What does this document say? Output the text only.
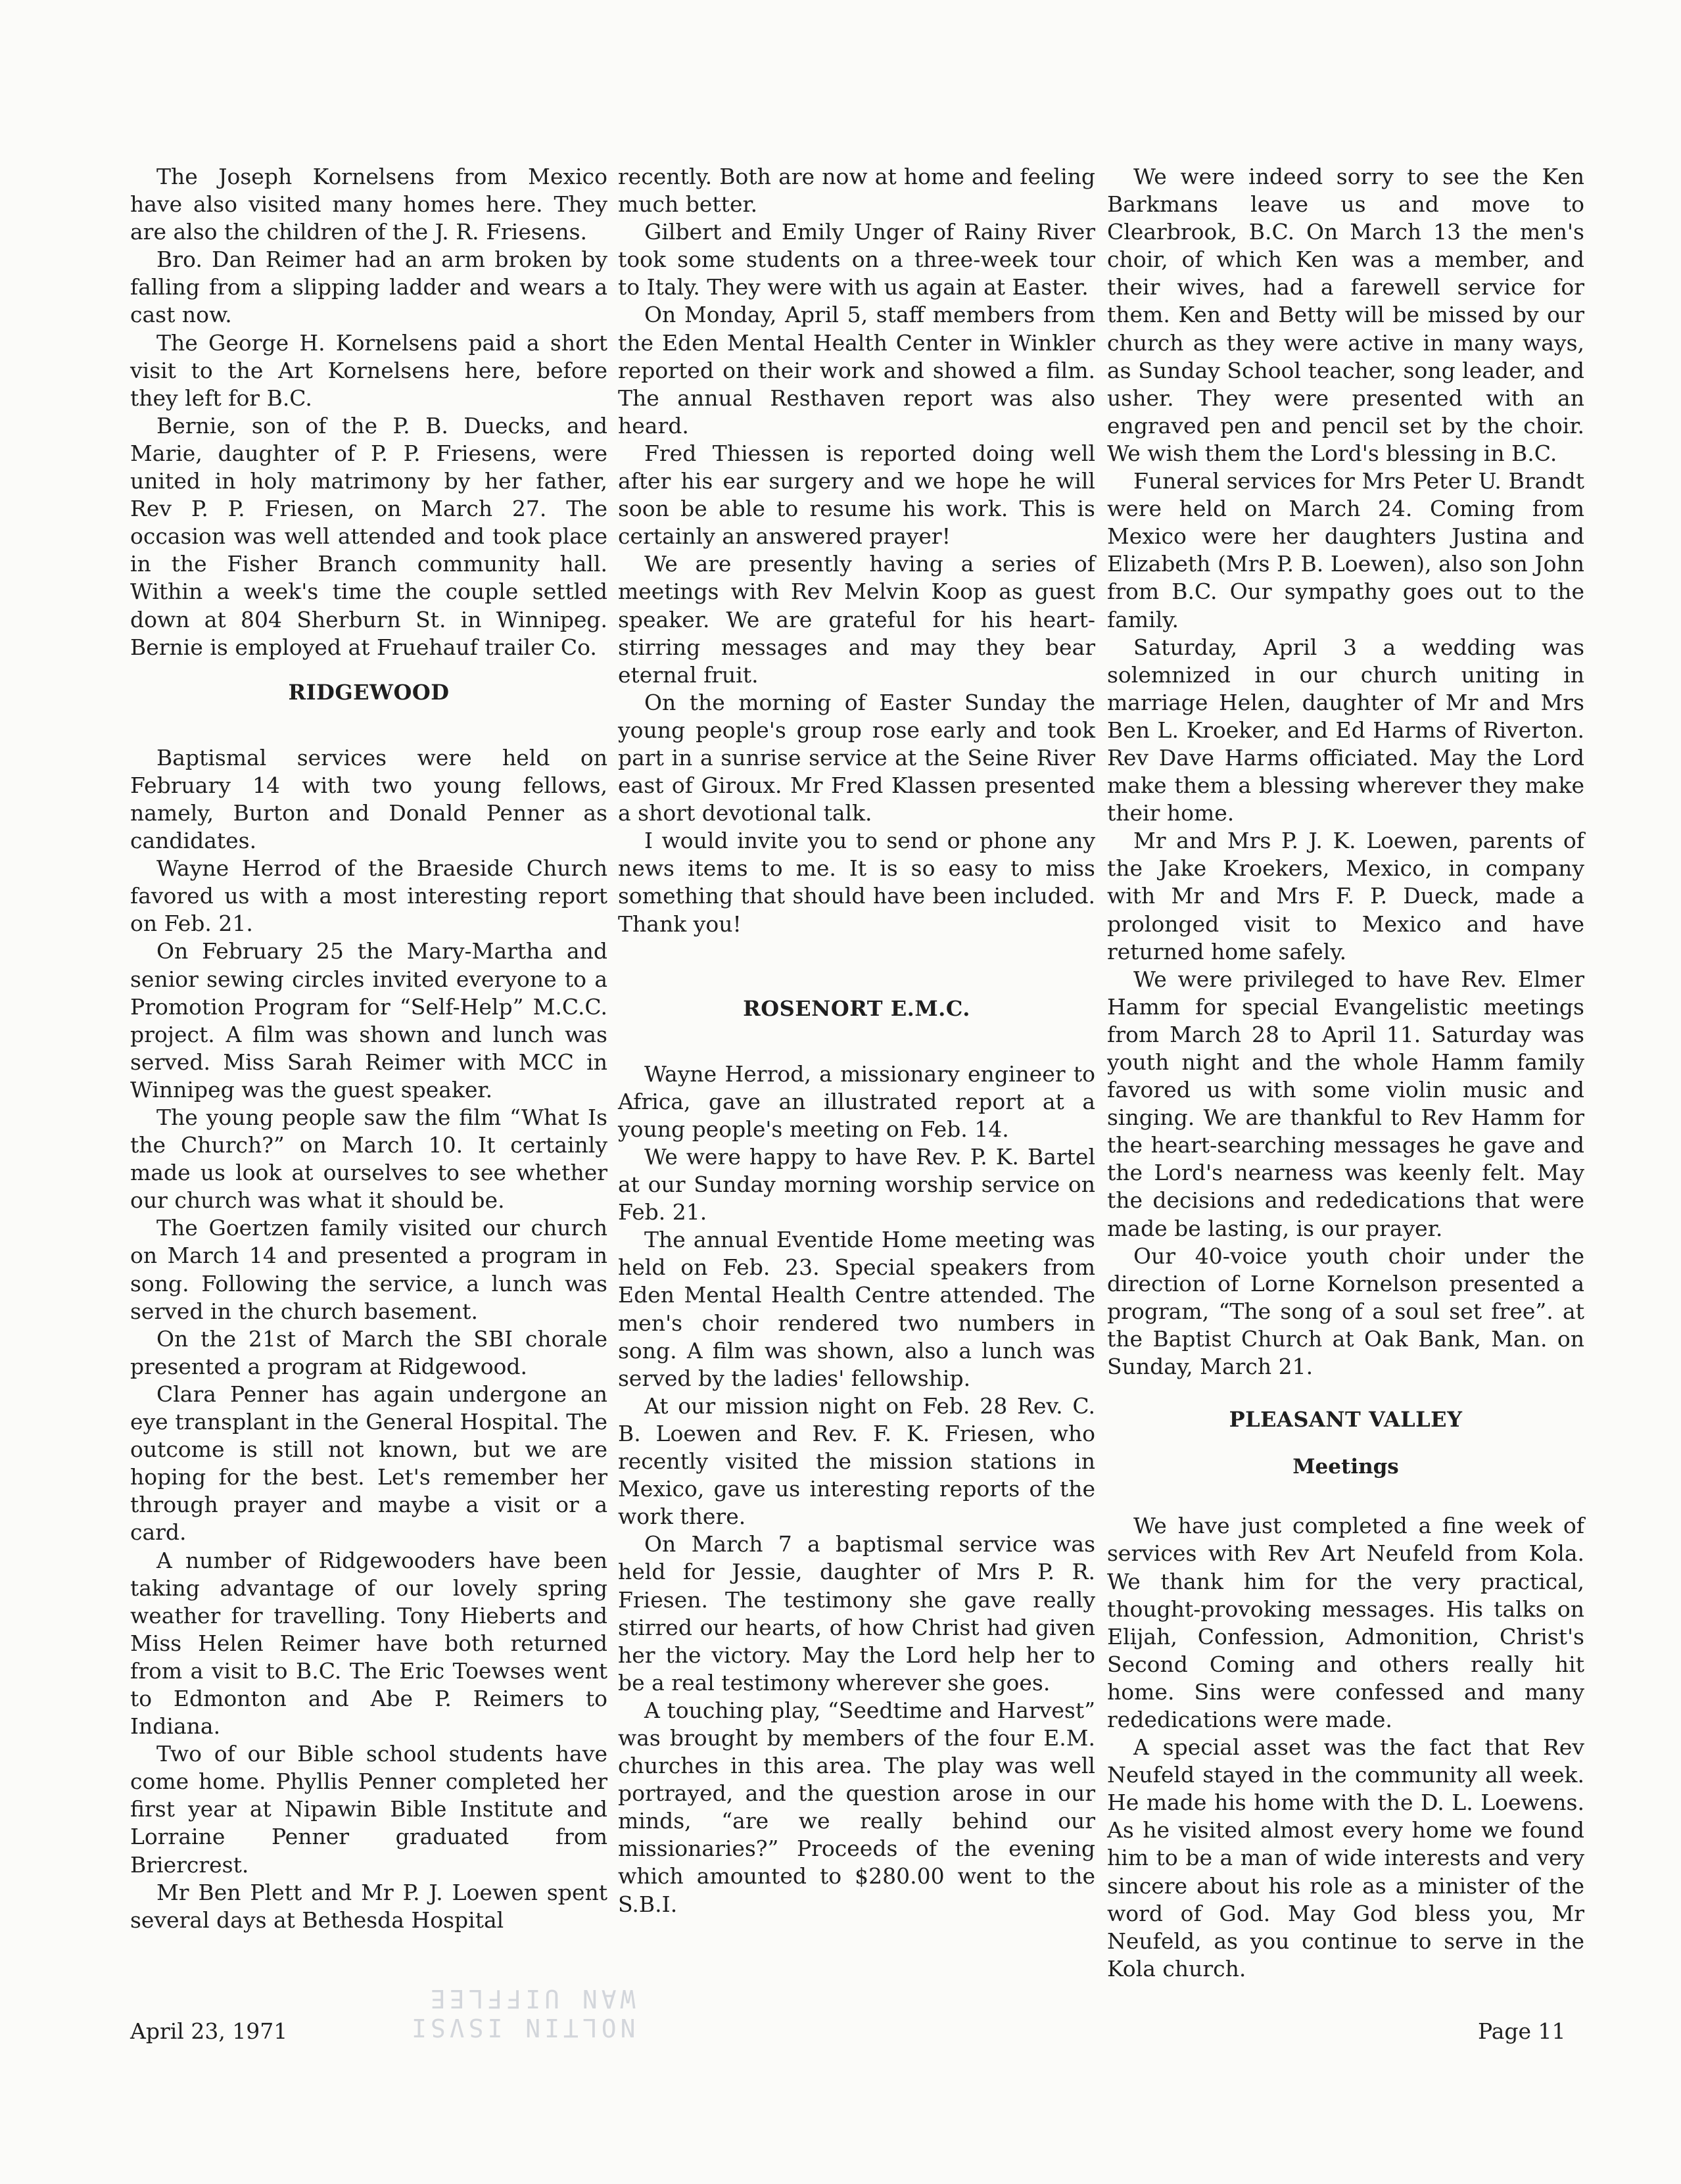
The Joseph Kornelsens from Mexico have also visited many homes here. They are also the children of the J. R. Friesens.

Bro. Dan Reimer had an arm broken by falling from a slipping ladder and wears a cast now.

The George H. Kornelsens paid a short visit to the Art Kornelsens here, before they left for B.C.

Bernie, son of the P. B. Duecks, and Marie, daughter of P. P. Friesens, were united in holy matrimony by her father, Rev P. P. Friesen, on March 27. The occasion was well attended and took place in the Fisher Branch community hall. Within a week's time the couple settled down at 804 Sherburn St. in Winnipeg. Bernie is employed at Fruehauf trailer Co.

RIDGEWOOD

Baptismal services were held on February 14 with two young fellows, namely, Burton and Donald Penner as candidates.

Wayne Herrod of the Braeside Church favored us with a most interesting report on Feb. 21.

On February 25 the Mary-Martha and senior sewing circles invited everyone to a Promotion Program for “Self-Help” M.C.C. project. A film was shown and lunch was served. Miss Sarah Reimer with MCC in Winnipeg was the guest speaker.

The young people saw the film “What Is the Church?” on March 10. It certainly made us look at ourselves to see whether our church was what it should be.

The Goertzen family visited our church on March 14 and presented a program in song. Following the service, a lunch was served in the church basement.

On the 21st of March the SBI chorale presented a program at Ridgewood.

Clara Penner has again undergone an eye transplant in the General Hospital. The outcome is still not known, but we are hoping for the best. Let's remember her through prayer and maybe a visit or a card.

A number of Ridgewooders have been taking advantage of our lovely spring weather for travelling. Tony Hieberts and Miss Helen Reimer have both returned from a visit to B.C. The Eric Toewses went to Edmonton and Abe P. Reimers to Indiana.

Two of our Bible school students have come home. Phyllis Penner completed her first year at Nipawin Bible Institute and Lorraine Penner graduated from Briercrest.

Mr Ben Plett and Mr P. J. Loewen spent several days at Bethesda Hospital

recently. Both are now at home and feeling much better.

Gilbert and Emily Unger of Rainy River took some students on a three-week tour to Italy. They were with us again at Easter.

On Monday, April 5, staff members from the Eden Mental Health Center in Winkler reported on their work and showed a film. The annual Resthaven report was also heard.

Fred Thiessen is reported doing well after his ear surgery and we hope he will soon be able to resume his work. This is certainly an answered prayer!

We are presently having a series of meetings with Rev Melvin Koop as guest speaker. We are grateful for his heart-stirring messages and may they bear eternal fruit.

On the morning of Easter Sunday the young people's group rose early and took part in a sunrise service at the Seine River east of Giroux. Mr Fred Klassen presented a short devotional talk.

I would invite you to send or phone any news items to me. It is so easy to miss something that should have been included. Thank you!

ROSENORT E.M.C.

Wayne Herrod, a missionary engineer to Africa, gave an illustrated report at a young people's meeting on Feb. 14.

We were happy to have Rev. P. K. Bartel at our Sunday morning worship service on Feb. 21.

The annual Eventide Home meeting was held on Feb. 23. Special speakers from Eden Mental Health Centre attended. The men's choir rendered two numbers in song. A film was shown, also a lunch was served by the ladies' fellowship.

At our mission night on Feb. 28 Rev. C. B. Loewen and Rev. F. K. Friesen, who recently visited the mission stations in Mexico, gave us interesting reports of the work there.

On March 7 a baptismal service was held for Jessie, daughter of Mrs P. R. Friesen. The testimony she gave really stirred our hearts, of how Christ had given her the victory. May the Lord help her to be a real testimony wherever she goes.

A touching play, “Seedtime and Harvest” was brought by members of the four E.M. churches in this area. The play was well portrayed, and the question arose in our minds, “are we really behind our missionaries?” Proceeds of the evening which amounted to $280.00 went to the S.B.I.

We were indeed sorry to see the Ken Barkmans leave us and move to Clearbrook, B.C. On March 13 the men's choir, of which Ken was a member, and their wives, had a farewell service for them. Ken and Betty will be missed by our church as they were active in many ways, as Sunday School teacher, song leader, and usher. They were presented with an engraved pen and pencil set by the choir. We wish them the Lord's blessing in B.C.

Funeral services for Mrs Peter U. Brandt were held on March 24. Coming from Mexico were her daughters Justina and Elizabeth (Mrs P. B. Loewen), also son John from B.C. Our sympathy goes out to the family.

Saturday, April 3 a wedding was solemnized in our church uniting in marriage Helen, daughter of Mr and Mrs Ben L. Kroeker, and Ed Harms of Riverton. Rev Dave Harms officiated. May the Lord make them a blessing wherever they make their home.

Mr and Mrs P. J. K. Loewen, parents of the Jake Kroekers, Mexico, in company with Mr and Mrs F. P. Dueck, made a prolonged visit to Mexico and have returned home safely.

We were privileged to have Rev. Elmer Hamm for special Evangelistic meetings from March 28 to April 11. Saturday was youth night and the whole Hamm family favored us with some violin music and singing. We are thankful to Rev Hamm for the heart-searching messages he gave and the Lord's nearness was keenly felt. May the decisions and rededications that were made be lasting, is our prayer.

Our 40-voice youth choir under the direction of Lorne Kornelson presented a program, “The song of a soul set free”. at the Baptist Church at Oak Bank, Man. on Sunday, March 21.

PLEASANT VALLEY
Meetings

We have just completed a fine week of services with Rev Art Neufeld from Kola. We thank him for the very practical, thought-provoking messages. His talks on Elijah, Confession, Admonition, Christ's Second Coming and others really hit home. Sins were confessed and many rededications were made.

A special asset was the fact that Rev Neufeld stayed in the community all week. He made his home with the D. L. Loewens. As he visited almost every home we found him to be a man of wide interests and very sincere about his role as a minister of the word of God. May God bless you, Mr Neufeld, as you continue to serve in the Kola church.

WAN UIFFLEE
NOLTIN ISVSI
April 23, 1971	Page 11
